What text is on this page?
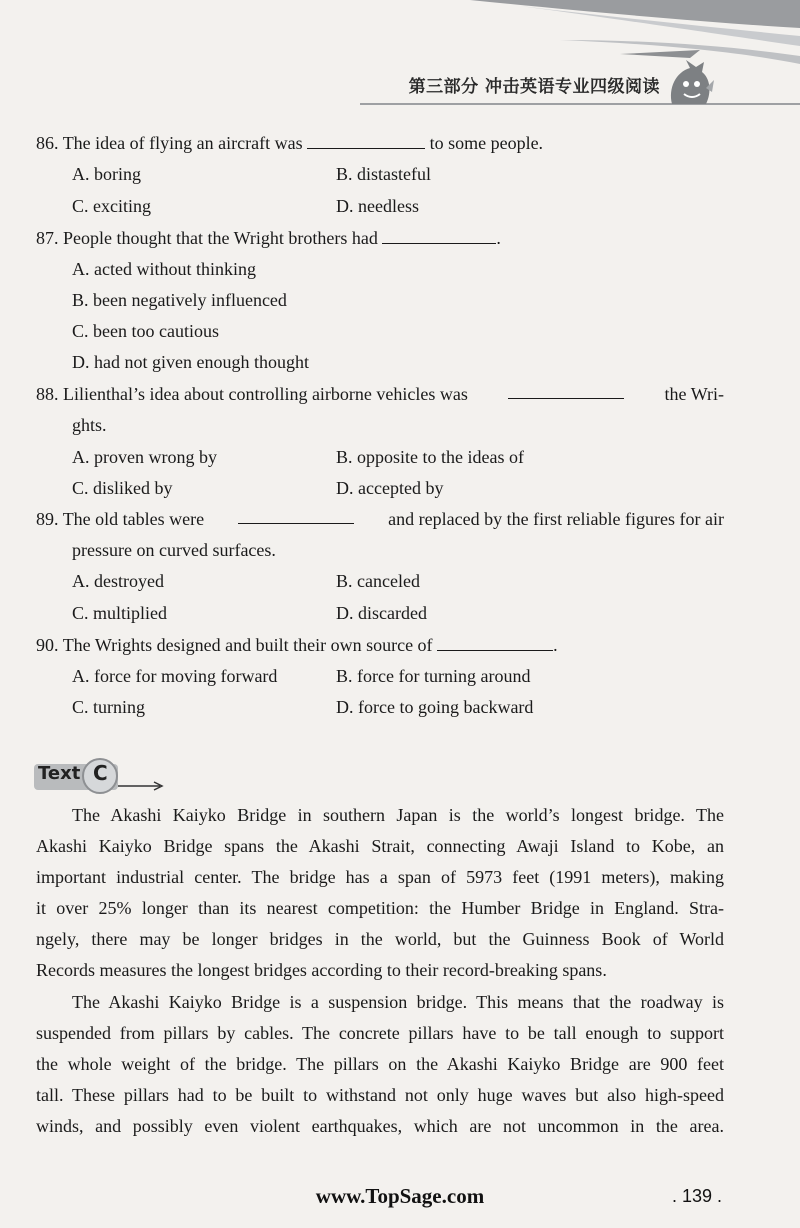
第三部分 冲击英语专业四级阅读
86. The idea of flying an aircraft was	to some people.
A. boring	B. distasteful
C. exciting	D. needless
87. People thought that the Wright brothers had	.
A. acted without thinking
B. been negatively influenced
C. been too cautious
D. had not given enough thought
88. Lilienthal’s idea about controlling airborne vehicles was	the Wri-
ghts.
A. proven wrong by	B. opposite to the ideas of
C. disliked by	D. accepted by
89. The old tables were	and replaced by the first reliable figures for air
pressure on curved surfaces.
A. destroyed	B. canceled
C. multiplied	D. discarded
90. The Wrights designed and built their own source of	.
A. force for moving forward	B. force for turning around
C. turning	D. force to going backward
Text C
The Akashi Kaiyko Bridge in southern Japan is the world’s longest bridge. The
Akashi Kaiyko Bridge spans the Akashi Strait, connecting Awaji Island to Kobe, an
important industrial center. The bridge has a span of 5973 feet (1991 meters), making
it over 25% longer than its nearest competition: the Humber Bridge in England. Stra-
ngely, there may be longer bridges in the world, but the Guinness Book of World
Records measures the longest bridges according to their record-breaking spans.
The Akashi Kaiyko Bridge is a suspension bridge. This means that the roadway is
suspended from pillars by cables. The concrete pillars have to be tall enough to support
the whole weight of the bridge. The pillars on the Akashi Kaiyko Bridge are 900 feet
tall. These pillars had to be built to withstand not only huge waves but also high-speed
winds, and possibly even violent earthquakes, which are not uncommon in the area.
www.TopSage.com	. 139 .
